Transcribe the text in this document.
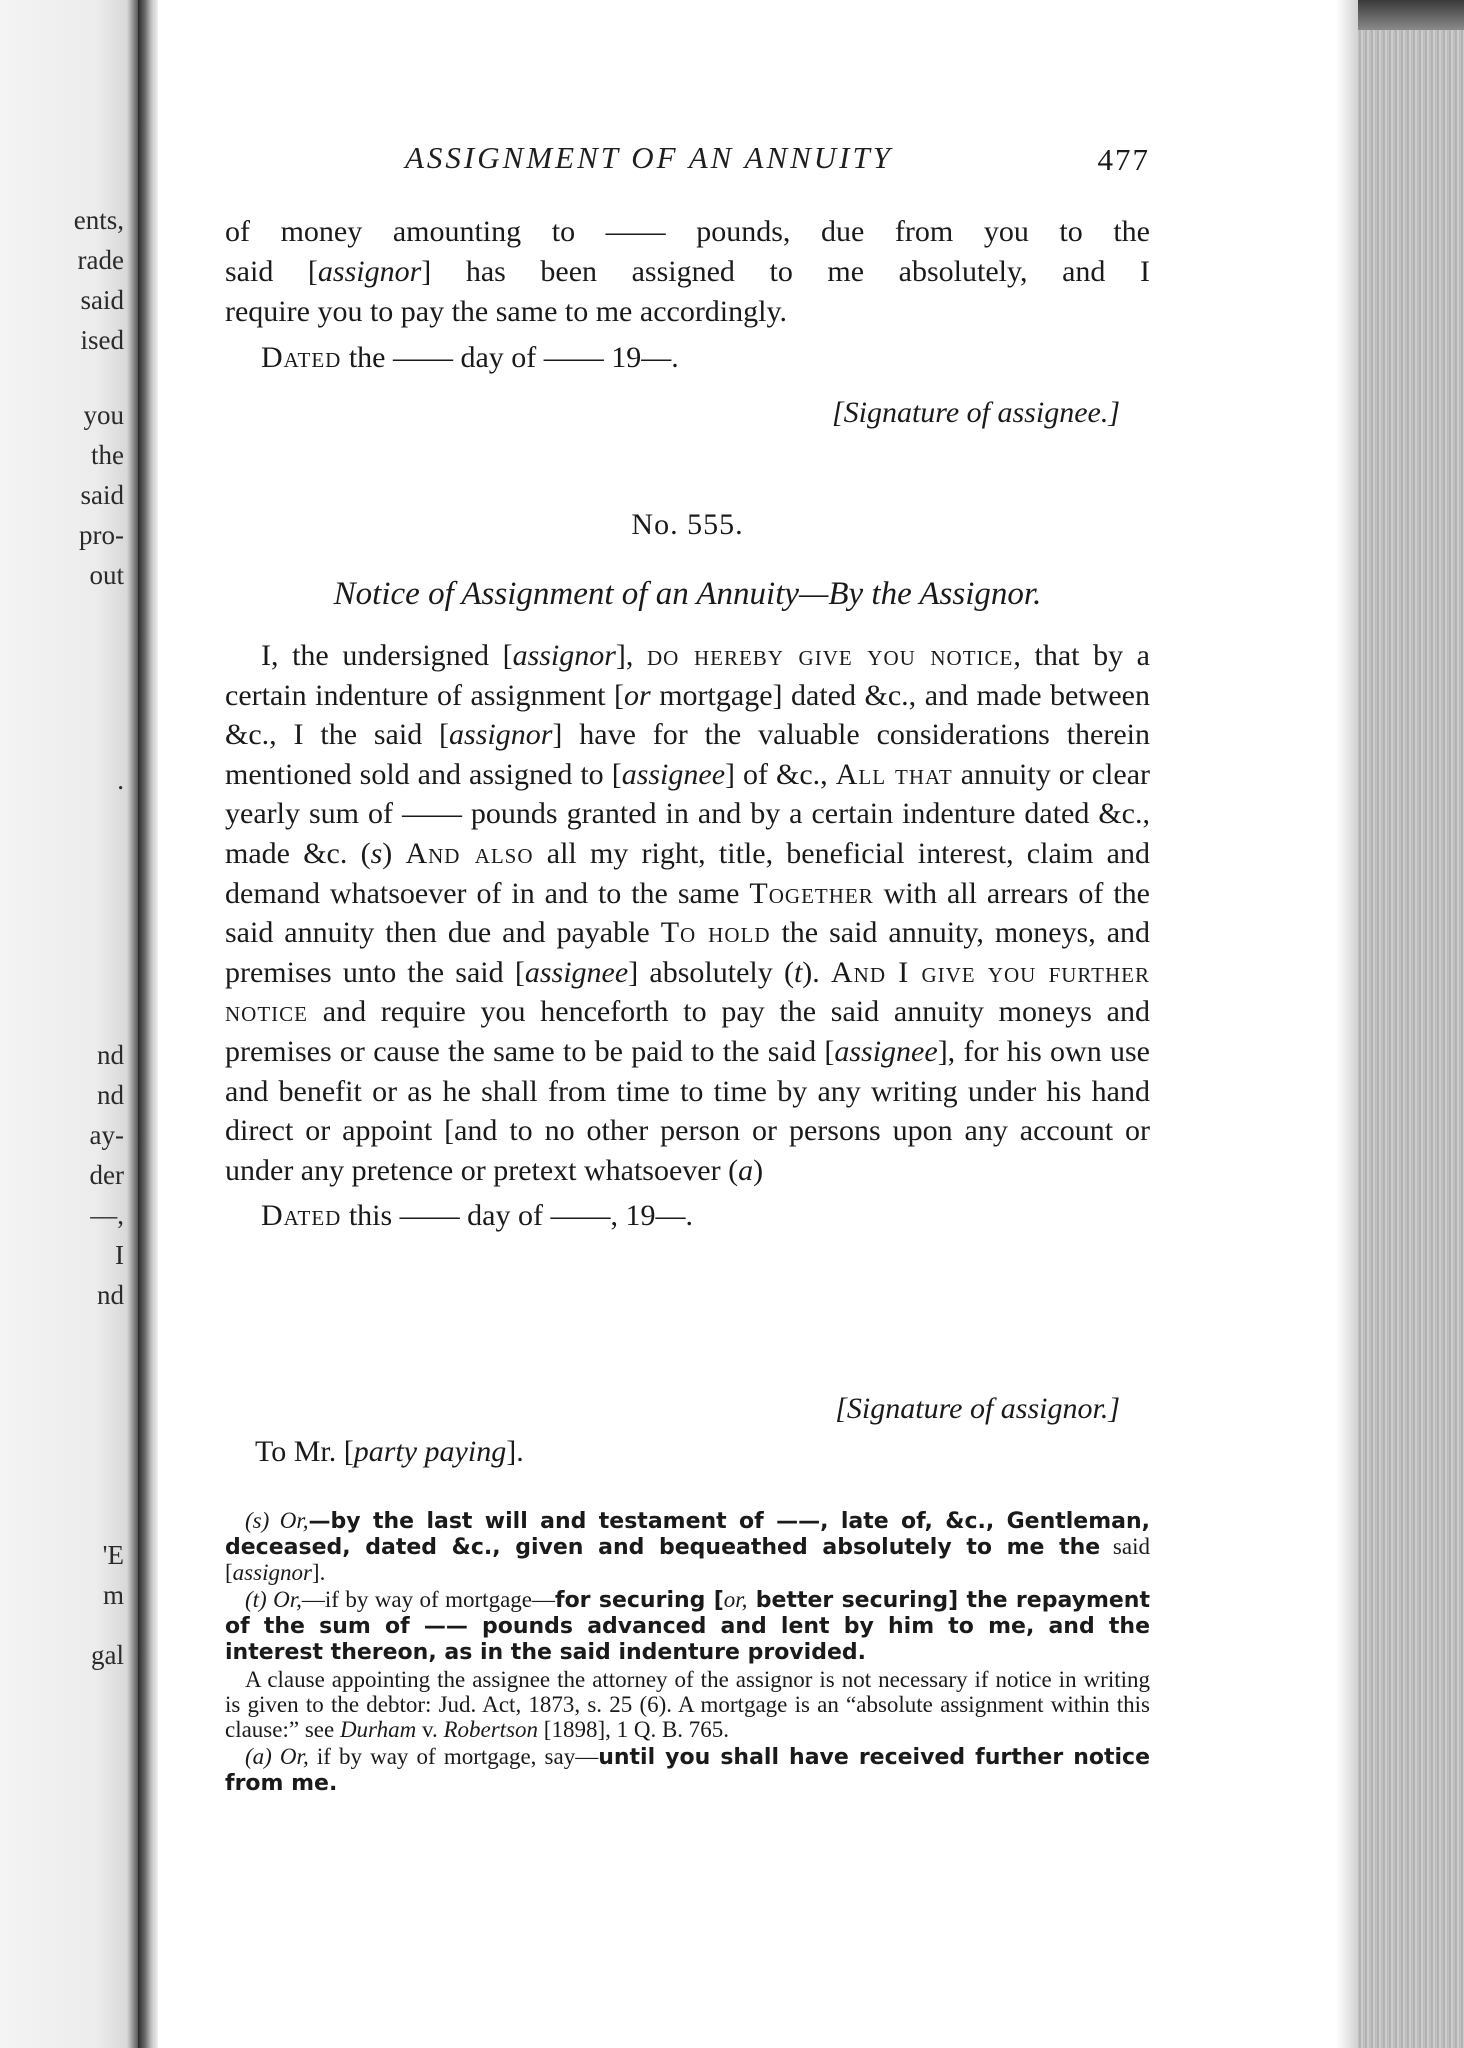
ents,

rade

said

ised

you

the

said

pro-

out

.

nd

nd

ay-

der

—,

I

nd

'E

m

gal

ASSIGNMENT OF AN ANNUITY	477

of money amounting to —— pounds, due from you to the

said [assignor] has been assigned to me absolutely, and I

require you to pay the same to me accordingly.

Dated the —— day of —— 19—.

[Signature of assignee.]
No. 555.
Notice of Assignment of an Annuity—By the Assignor.

I, the undersigned [assignor], do hereby give you notice, that by a certain indenture of assignment [or mortgage] dated &c., and made between &c., I the said [assignor] have for the valuable considerations therein mentioned sold and assigned to [assignee] of &c., All that annuity or clear yearly sum of —— pounds granted in and by a certain indenture dated &c., made &c. (s) And also all my right, title, beneficial interest, claim and demand whatsoever of in and to the same Together with all arrears of the said annuity then due and payable To hold the said annuity, moneys, and premises unto the said [assignee] absolutely (t). And I give you further notice and require you henceforth to pay the said annuity moneys and premises or cause the same to be paid to the said [assignee], for his own use and benefit or as he shall from time to time by any writing under his hand direct or appoint [and to no other person or persons upon any account or under any pretence or pretext whatsoever (a)

Dated this —— day of ——, 19—.

[Signature of assignor.]
To Mr. [party paying].

(s) Or,—by the last will and testament of ——, late of, &c., Gentleman, deceased, dated &c., given and bequeathed absolutely to me the said [assignor].

(t) Or,—if by way of mortgage—for securing [or, better securing] the repayment of the sum of —— pounds advanced and lent by him to me, and the interest thereon, as in the said indenture provided.

A clause appointing the assignee the attorney of the assignor is not necessary if notice in writing is given to the debtor: Jud. Act, 1873, s. 25 (6). A mortgage is an “absolute assignment within this clause:” see Durham v. Robertson [1898], 1 Q. B. 765.

(a) Or, if by way of mortgage, say—until you shall have received further notice from me.
